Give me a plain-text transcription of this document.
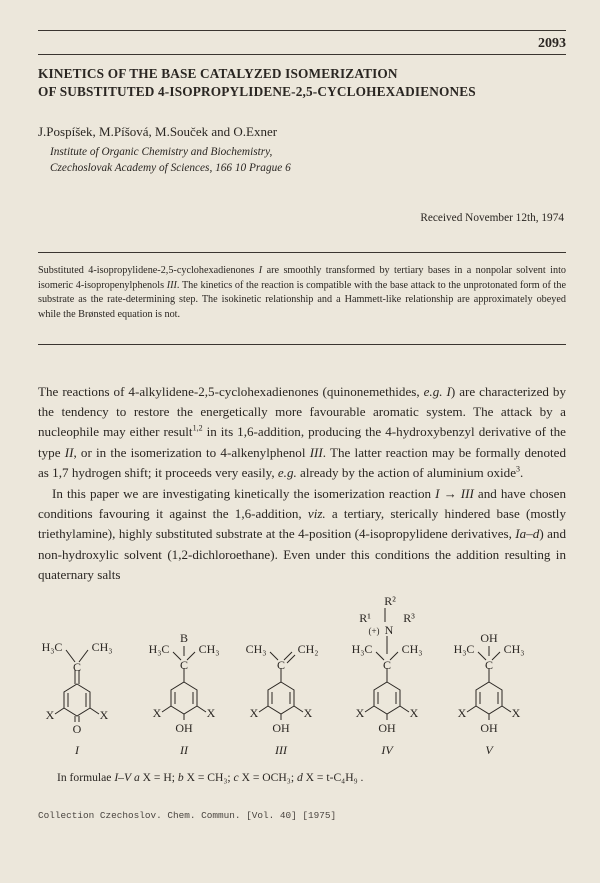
2093
KINETICS OF THE BASE CATALYZED ISOMERIZATION
OF SUBSTITUTED 4-ISOPROPYLIDENE-2,5-CYCLOHEXADIENONES
J.Pospíšek, M.Píšová, M.Souček and O.Exner
Institute of Organic Chemistry and Biochemistry,
Czechoslovak Academy of Sciences, 166 10 Prague 6
Received November 12th, 1974

Substituted 4-isopropylidene-2,5-cyclohexadienones I are smoothly transformed by tertiary bases in a nonpolar solvent into isomeric 4-isopropenylphenols III. The kinetics of the reaction is compatible with the base attack to the unprotonated form of the substrate as the rate-determining step. The isokinetic relationship and a Hammett-like relationship are approximately obeyed while the Brønsted equation is not.

The reactions of 4-alkylidene-2,5-cyclohexadienones (quinonemethides, e.g. I) are characterized by the tendency to restore the energetically more favourable aromatic system. The attack by a nucleophile may either result$^{1,2}$ in its 1,6-addition, producing the 4-hydroxybenzyl derivative of the type II, or in the isomerization to 4-alkenylphenol III. The latter reaction may be formally denoted as 1,7 hydrogen shift; it proceeds very easily, e.g. already by the action of aluminium oxide$^3$.

In this paper we are investigating kinetically the isomerization reaction I → III and have chosen conditions favouring it against the 1,6-addition, viz. a tertiary, sterically hindered base (mostly triethylamine), highly substituted substrate at the 4-position (4-isopropylidene derivatives, Ia–d) and non-hydroxylic solvent (1,2-dichloroethane). Even under this conditions the addition resulting in quaternary salts

H₃C CH₃
C
X	X
O
I
B
H₃C CH₃
C
X	X
OH
II
CH₃	CH₂
C
X	X
OH
III
R²
R¹	R³
(+) N
H₃C CH₃
C
X	X
OH
IV
OH
H₃C CH₃
C
X	X
OH
V
In formulae I–V a X = H; b X = CH₃; c X = OCH₃; d X = t-C₄H₉ .
Collection Czechoslov. Chem. Commun. [Vol. 40] [1975]
